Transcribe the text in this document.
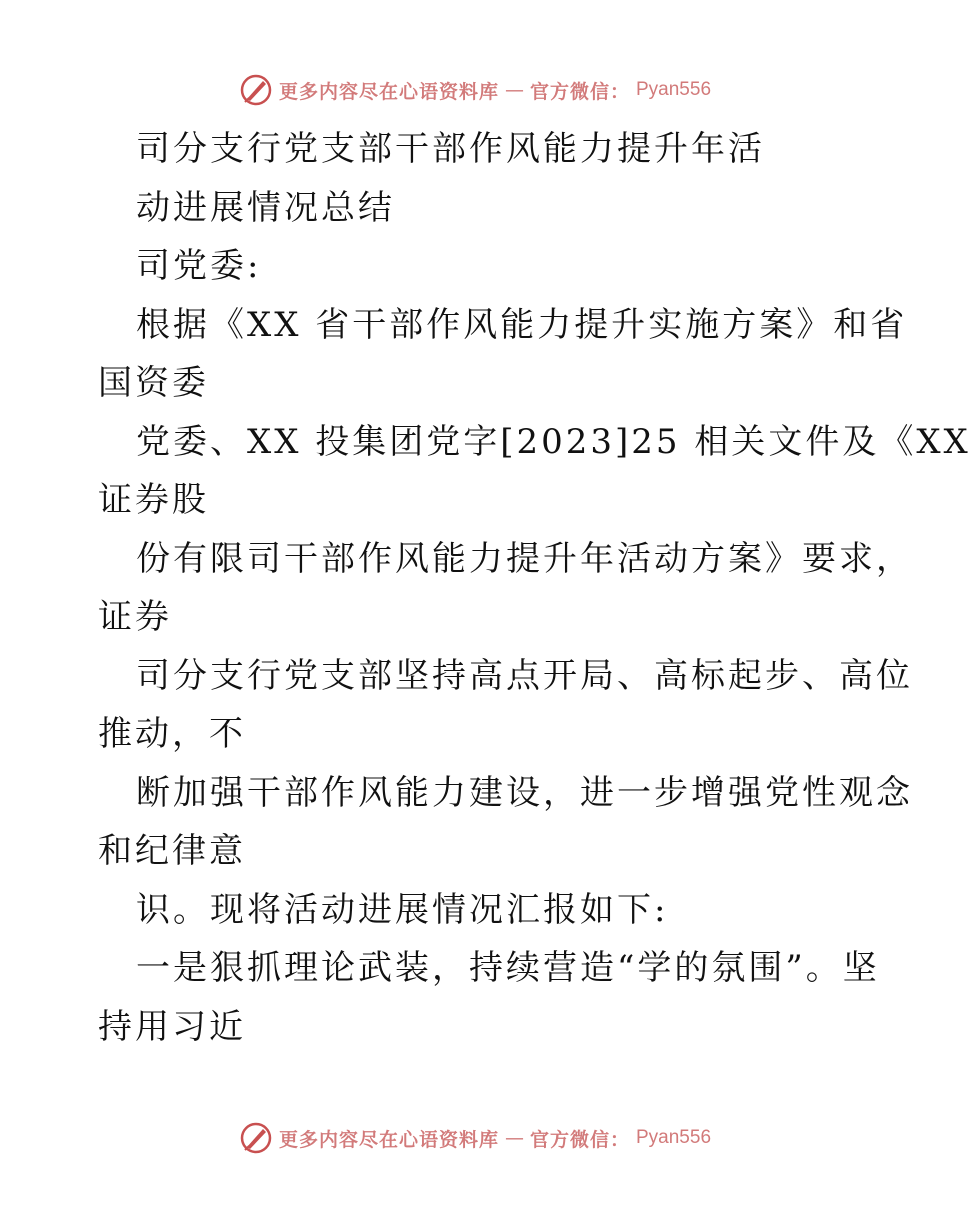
更多内容尽在心语资料库 — 官方微信： Pyan556
司分支行党支部干部作风能力提升年活
动进展情况总结
司党委:
根据《XX 省干部作风能力提升实施方案》和省
国资委
党委、XX 投集团党字[2023]25 相关文件及《XX
证券股
份有限司干部作风能力提升年活动方案》要求，
证券
司分支行党支部坚持高点开局、高标起步、高位
推动，不
断加强干部作风能力建设，进一步增强党性观念
和纪律意
识。现将活动进展情况汇报如下:
一是狠抓理论武装，持续营造“学的氛围”。坚
持用习近
更多内容尽在心语资料库 — 官方微信： Pyan556
